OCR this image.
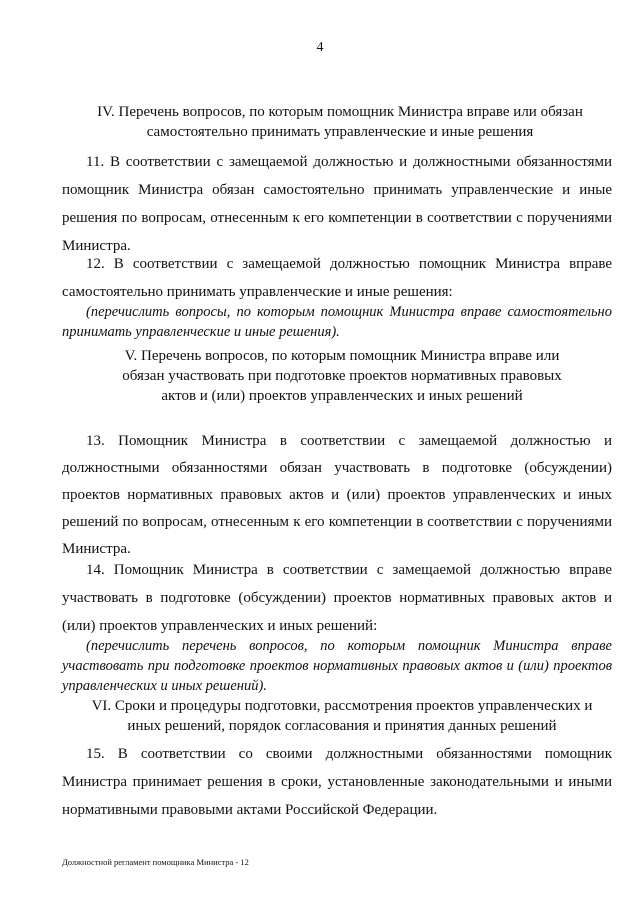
4
IV. Перечень вопросов, по которым помощник Министра вправе или обязан самостоятельно принимать управленческие и иные решения

11. В соответствии с замещаемой должностью и должностными обязанностями помощник Министра обязан самостоятельно принимать управленческие и иные решения по вопросам, отнесенным к его компетенции в соответствии с поручениями Министра.

12. В соответствии с замещаемой должностью помощник Министра вправе самостоятельно принимать управленческие и иные решения:

(перечислить вопросы, по которым помощник Министра вправе самостоятельно принимать управленческие и иные решения).

V. Перечень вопросов, по которым помощник Министра вправе или обязан участвовать при подготовке проектов нормативных правовых актов и (или) проектов управленческих и иных решений

13. Помощник Министра в соответствии с замещаемой должностью и должностными обязанностями обязан участвовать в подготовке (обсуждении) проектов нормативных правовых актов и (или) проектов управленческих и иных решений по вопросам, отнесенным к его компетенции в соответствии с поручениями Министра.

14. Помощник Министра в соответствии с замещаемой должностью вправе участвовать в подготовке (обсуждении) проектов нормативных правовых актов и (или) проектов управленческих и иных решений:

(перечислить перечень вопросов, по которым помощник Министра вправе участвовать при подготовке проектов нормативных правовых актов и (или) проектов управленческих и иных решений).

VI. Сроки и процедуры подготовки, рассмотрения проектов управленческих и иных решений, порядок согласования и принятия данных решений

15. В соответствии со своими должностными обязанностями помощник Министра принимает решения в сроки, установленные законодательными и иными нормативными правовыми актами Российской Федерации.

Должностной регламент помощника Министра - 12
